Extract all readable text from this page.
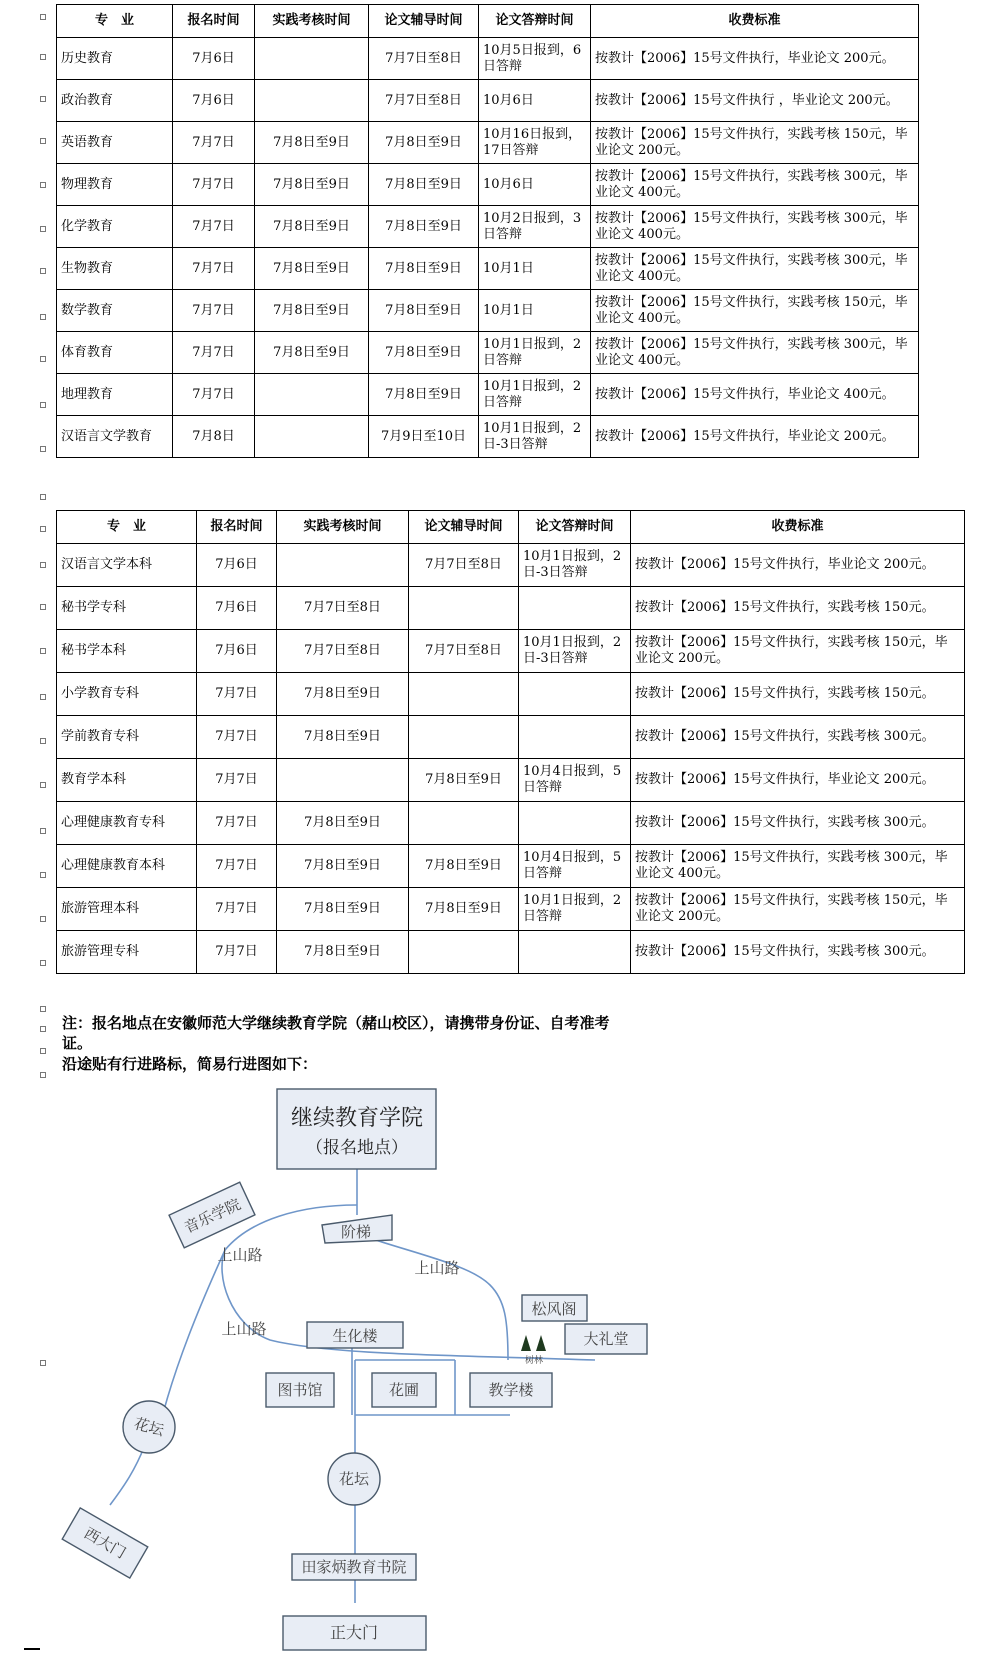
专　业	报名时间	实践考核时间	论文辅导时间	论文答辩时间	收费标准
历史教育	7月6日		7月7日至8日	10月5日报到，6日答辩	按教计【2006】15号文件执行，毕业论文 200元。
政治教育	7月6日		7月7日至8日	10月6日	按教计【2006】15号文件执行 ，毕业论文 200元。
英语教育	7月7日	7月8日至9日	7月8日至9日	10月16日报到，17日答辩	按教计【2006】15号文件执行，实践考核 150元，毕业论文 200元。
物理教育	7月7日	7月8日至9日	7月8日至9日	10月6日	按教计【2006】15号文件执行，实践考核 300元，毕业论文 400元。
化学教育	7月7日	7月8日至9日	7月8日至9日	10月2日报到，3日答辩	按教计【2006】15号文件执行，实践考核 300元，毕业论文 400元。
生物教育	7月7日	7月8日至9日	7月8日至9日	10月1日	按教计【2006】15号文件执行，实践考核 300元，毕业论文 400元。
数学教育	7月7日	7月8日至9日	7月8日至9日	10月1日	按教计【2006】15号文件执行，实践考核 150元，毕业论文 400元。
体育教育	7月7日	7月8日至9日	7月8日至9日	10月1日报到，2日答辩	按教计【2006】15号文件执行，实践考核 300元，毕业论文 400元。
地理教育	7月7日		7月8日至9日	10月1日报到，2日答辩	按教计【2006】15号文件执行，毕业论文 400元。
汉语言文学教育	7月8日		7月9日至10日	10月1日报到，2日-3日答辩	按教计【2006】15号文件执行，毕业论文 200元。
专　业	报名时间	实践考核时间	论文辅导时间	论文答辩时间	收费标准
汉语言文学本科	7月6日		7月7日至8日	10月1日报到，2日-3日答辩	按教计【2006】15号文件执行，毕业论文 200元。
秘书学专科	7月6日	7月7日至8日			按教计【2006】15号文件执行，实践考核 150元。
秘书学本科	7月6日	7月7日至8日	7月7日至8日	10月1日报到，2日-3日答辩	按教计【2006】15号文件执行，实践考核 150元，毕业论文 200元。
小学教育专科	7月7日	7月8日至9日			按教计【2006】15号文件执行，实践考核 150元。
学前教育专科	7月7日	7月8日至9日			按教计【2006】15号文件执行，实践考核 300元。
教育学本科	7月7日		7月8日至9日	10月4日报到，5日答辩	按教计【2006】15号文件执行，毕业论文 200元。
心理健康教育专科	7月7日	7月8日至9日			按教计【2006】15号文件执行，实践考核 300元。
心理健康教育本科	7月7日	7月8日至9日	7月8日至9日	10月4日报到，5日答辩	按教计【2006】15号文件执行，实践考核 300元，毕业论文 400元。
旅游管理本科	7月7日	7月8日至9日	7月8日至9日	10月1日报到，2日答辩	按教计【2006】15号文件执行，实践考核 150元，毕业论文 200元。
旅游管理专科	7月7日	7月8日至9日			按教计【2006】15号文件执行，实践考核 300元。
注：报名地点在安徽师范大学继续教育学院（赭山校区），请携带身份证、自考准考证。
沿途贴有行进路标，简易行进图如下：
继续教育学院
（报名地点）
音乐学院	阶梯
上山路
上山路
上山路
松风阁
大礼堂
生化楼
树林
图书馆	花圃	教学楼
花坛
花坛
西大门
田家炳教育书院
正大门
